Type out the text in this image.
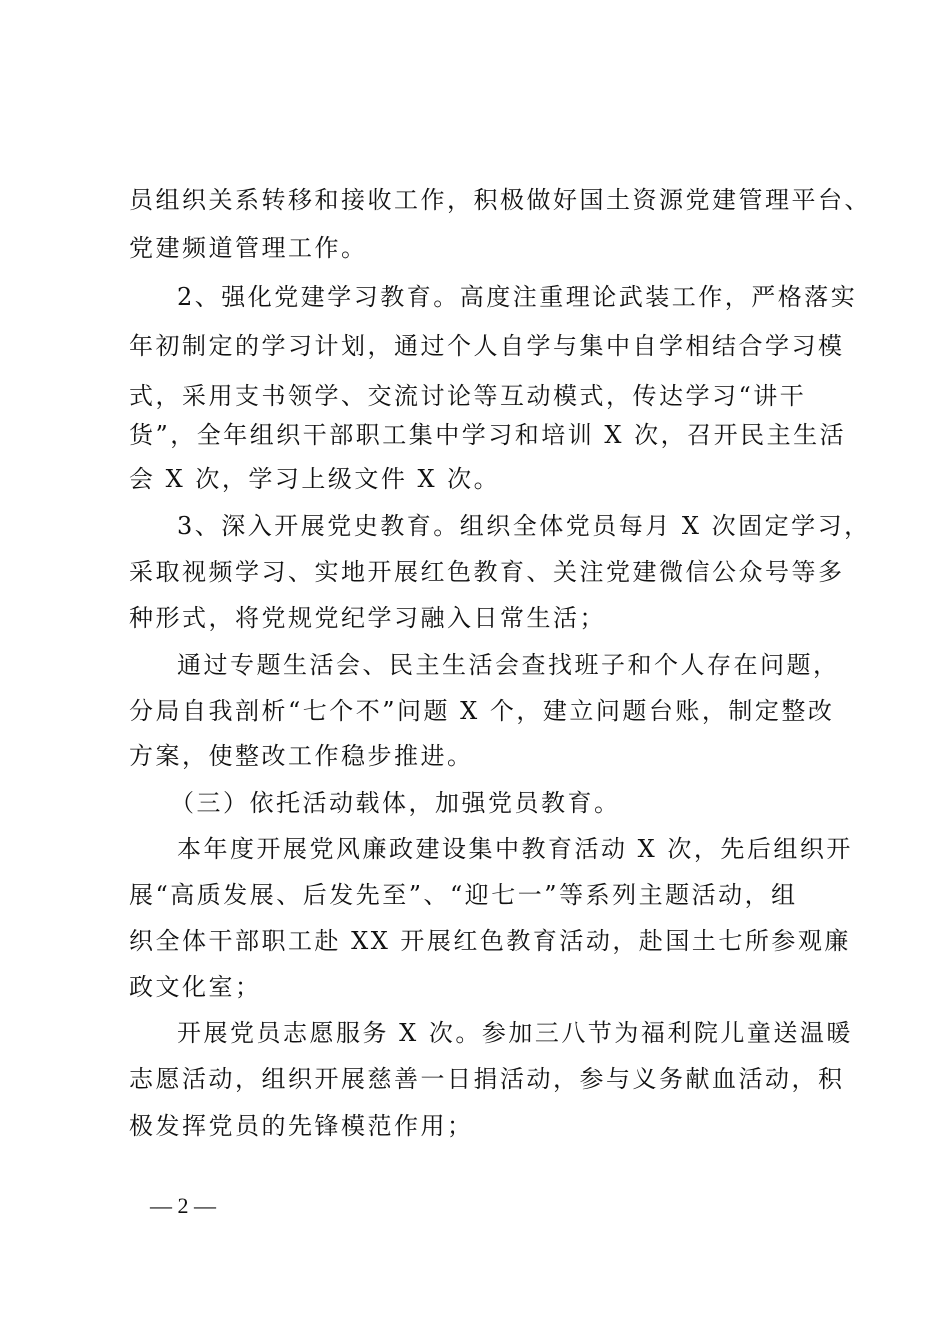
员组织关系转移和接收工作，积极做好国土资源党建管理平台、
党建频道管理工作。
2、强化党建学习教育。高度注重理论武装工作，严格落实
年初制定的学习计划，通过个人自学与集中自学相结合学习模
式，采用支书领学、交流讨论等互动模式，传达学习“讲干
货”，全年组织干部职工集中学习和培训 X 次，召开民主生活
会 X 次，学习上级文件 X 次。
3、深入开展党史教育。组织全体党员每月 X 次固定学习，
采取视频学习、实地开展红色教育、关注党建微信公众号等多
种形式，将党规党纪学习融入日常生活；
通过专题生活会、民主生活会查找班子和个人存在问题，
分局自我剖析“七个不”问题 X 个，建立问题台账，制定整改
方案，使整改工作稳步推进。
（三）依托活动载体，加强党员教育。
本年度开展党风廉政建设集中教育活动 X 次，先后组织开
展“高质发展、后发先至”、“迎七一”等系列主题活动，组
织全体干部职工赴 XX 开展红色教育活动，赴国土七所参观廉
政文化室；
开展党员志愿服务 X 次。参加三八节为福利院儿童送温暖
志愿活动，组织开展慈善一日捐活动，参与义务献血活动，积
极发挥党员的先锋模范作用；
— 2 —
